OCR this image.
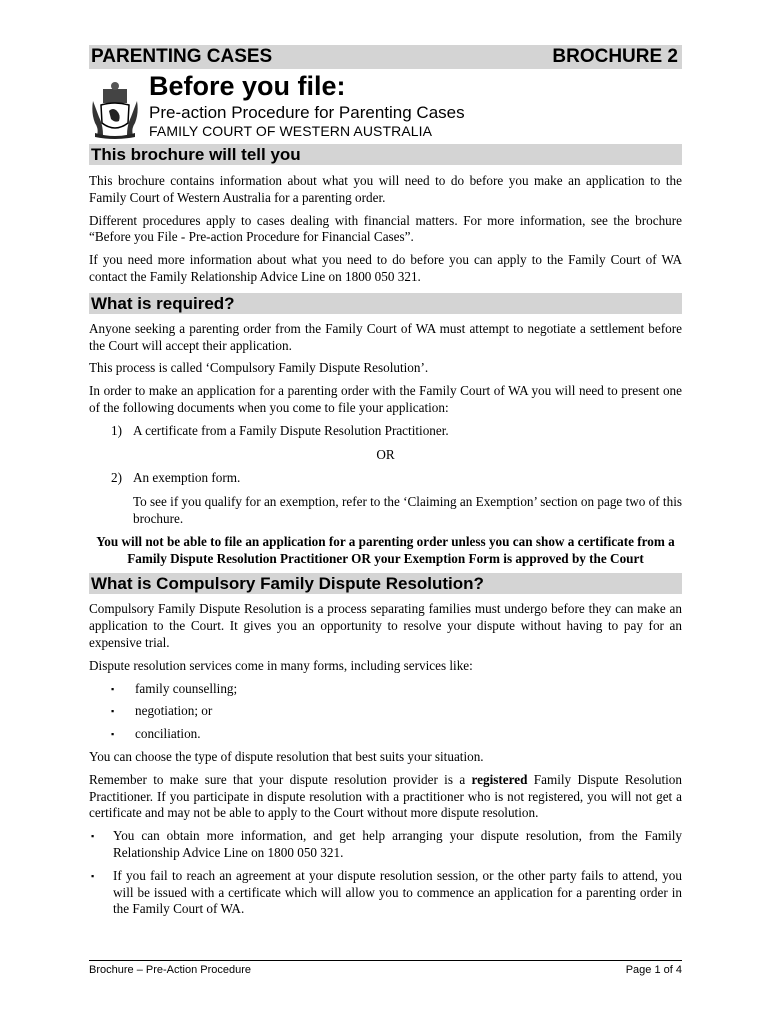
PARENTING CASES	BROCHURE 2
Before you file:
Pre-action Procedure for Parenting Cases
FAMILY COURT OF WESTERN AUSTRALIA
This brochure will tell you

This brochure contains information about what you will need to do before you make an application to the Family Court of Western Australia for a parenting order.

Different procedures apply to cases dealing with financial matters. For more information, see the brochure “Before you File - Pre-action Procedure for Financial Cases”.

If you need more information about what you need to do before you can apply to the Family Court of WA contact the Family Relationship Advice Line on 1800 050 321.

What is required?

Anyone seeking a parenting order from the Family Court of WA must attempt to negotiate a settlement before the Court will accept their application.

This process is called ‘Compulsory Family Dispute Resolution’.

In order to make an application for a parenting order with the Family Court of WA you will need to present one of the following documents when you come to file your application:

1) A certificate from a Family Dispute Resolution Practitioner.

OR

2) An exemption form.

To see if you qualify for an exemption, refer to the ‘Claiming an Exemption’ section on page two of this brochure.

You will not be able to file an application for a parenting order unless you can show a certificate from a Family Dispute Resolution Practitioner OR your Exemption Form is approved by the Court
What is Compulsory Family Dispute Resolution?

Compulsory Family Dispute Resolution is a process separating families must undergo before they can make an application to the Court. It gives you an opportunity to resolve your dispute without having to pay for an expensive trial.

Dispute resolution services come in many forms, including services like:

▪	family counselling;
▪	negotiation; or
▪	conciliation.

You can choose the type of dispute resolution that best suits your situation.

Remember to make sure that your dispute resolution provider is a registered Family Dispute Resolution Practitioner. If you participate in dispute resolution with a practitioner who is not registered, you will not get a certificate and may not be able to apply to the Court without more dispute resolution.

▪	You can obtain more information, and get help arranging your dispute resolution, from the Family Relationship Advice Line on 1800 050 321.
▪	If you fail to reach an agreement at your dispute resolution session, or the other party fails to attend, you will be issued with a certificate which will allow you to commence an application for a parenting order in the Family Court of WA.
Brochure – Pre-Action Procedure	Page 1 of 4
